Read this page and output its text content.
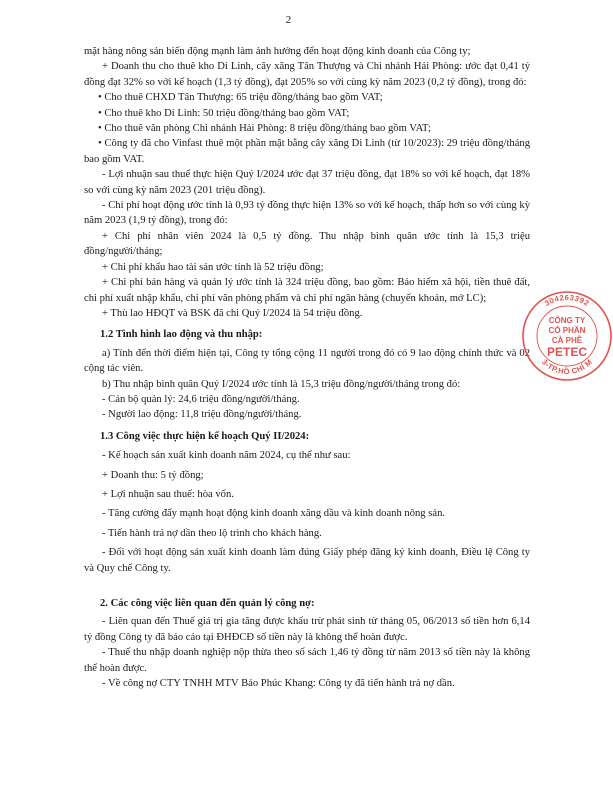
2

mặt hàng nông sản biến động mạnh làm ảnh hưởng đến hoạt động kinh doanh của Công ty;

+ Doanh thu cho thuê kho Di Linh, cây xăng Tân Thượng và Chi nhánh Hải Phòng: ước đạt 0,41 tỷ đồng đạt 32% so với kế hoạch (1,3 tỷ đồng), đạt 205% so với cùng kỳ năm 2023 (0,2 tỷ đồng), trong đó:

• Cho thuê CHXD Tân Thượng: 65 triệu đồng/tháng bao gồm VAT;

• Cho thuê kho Di Linh: 50 triệu đồng/tháng bao gồm VAT;

• Cho thuê văn phòng Chi nhánh Hải Phòng: 8 triệu đồng/tháng bao gồm VAT;

• Công ty đã cho Vinfast thuê một phần mặt bằng cây xăng Di Linh (từ 10/2023): 29 triệu đồng/tháng bao gồm VAT.

- Lợi nhuận sau thuế thực hiện Quý I/2024 ước đạt 37 triệu đồng, đạt 18% so với kế hoạch, đạt 18% so với cùng kỳ năm 2023 (201 triệu đồng).

- Chi phí hoạt động ước tính là 0,93 tỷ đồng thực hiện 13% so với kế hoạch, thấp hơn so với cùng kỳ năm 2023 (1,9 tỷ đồng), trong đó:

+ Chi phí nhân viên 2024 là 0,5 tỷ đồng. Thu nhập bình quân ước tính là 15,3 triệu đồng/người/tháng;

+ Chi phí khấu hao tài sản ước tính là 52 triệu đồng;

+ Chi phí bán hàng và quản lý ước tính là 324 triệu đồng, bao gồm: Bảo hiểm xã hội, tiền thuê đất, chi phí xuất nhập khẩu, chi phí văn phòng phẩm và chi phí ngân hàng (chuyển khoản, mở LC);

+ Thù lao HĐQT và BSK đã chi Quý I/2024 là 54 triệu đồng.

1.2 Tình hình lao động và thu nhập:

a) Tính đến thời điểm hiện tại, Công ty tổng cộng 11 người trong đó có 9 lao động chính thức và 02 cộng tác viên.

b) Thu nhập bình quân Quý I/2024 ước tính là 15,3 triệu đồng/người/tháng trong đó:

- Cán bộ quản lý: 24,6 triệu đồng/người/tháng.

- Người lao động: 11,8 triệu đồng/người/tháng.

1.3 Công việc thực hiện kế hoạch Quý II/2024:

- Kế hoạch sản xuất kinh doanh năm 2024, cụ thể như sau:

+ Doanh thu: 5 tỷ đồng;

+ Lợi nhuận sau thuế: hòa vốn.

- Tăng cường đẩy mạnh hoạt động kinh doanh xăng dầu và kinh doanh nông sản.

- Tiến hành trả nợ dần theo lộ trình cho khách hàng.

- Đối với hoạt động sản xuất kinh doanh làm đúng Giấy phép đăng ký kinh doanh, Điều lệ Công ty và Quy chế Công ty.

2. Các công việc liên quan đến quản lý công nợ:

- Liên quan đến Thuế giá trị gia tăng được khấu trừ phát sinh từ tháng 05, 06/2013 số tiền hơn 6,14 tỷ đồng Công ty đã báo cáo tại ĐHĐCĐ số tiền này là không thể hoàn được.

- Thuế thu nhập doanh nghiệp nộp thừa theo số sách 1,46 tỷ đồng từ năm 2013 số tiền này là không thể hoàn được.

- Về công nợ CTY TNHH MTV Bảo Phúc Khang: Công ty đã tiến hành trả nợ dần.

304263392
3-TP.HỒ CHÍ M
CÔNG TY
CỔ PHẦN
CÀ PHÊ
PETEC
